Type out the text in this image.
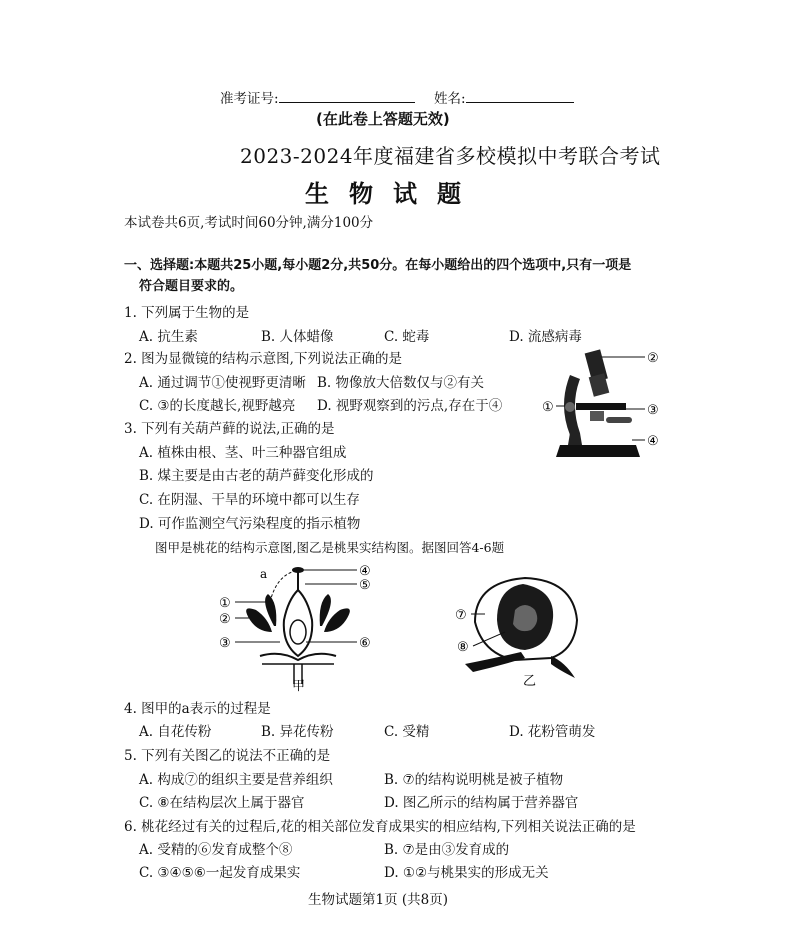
准考证号:	姓名:
(在此卷上答题无效)
2023-2024年度福建省多校模拟中考联合考试
生物试题
本试卷共6页,考试时间60分钟,满分100分
一、选择题:本题共25小题,每小题2分,共50分。在每小题给出的四个选项中,只有一项是
符合题目要求的。
1. 下列属于生物的是
A. 抗生素	B. 人体蜡像	C. 蛇毒	D. 流感病毒
2. 图为显微镜的结构示意图,下列说法正确的是
A. 通过调节①使视野更清晰 B. 物像放大倍数仅与②有关
C. ③的长度越长,视野越亮 D. 视野观察到的污点,存在于④
②
①	③
④
3. 下列有关葫芦藓的说法,正确的是
A. 植株由根、茎、叶三种器官组成
B. 煤主要是由古老的葫芦藓变化形成的
C. 在阴湿、干旱的环境中都可以生存
D. 可作监测空气污染程度的指示植物
图甲是桃花的结构示意图,图乙是桃果实结构图。据图回答4-6题
a
①
②
③
④
⑤
⑥
甲
⑦
⑧
乙
4. 图甲的a表示的过程是
A. 自花传粉	B. 异花传粉	C. 受精	D. 花粉管萌发
5. 下列有关图乙的说法不正确的是
A. 构成⑦的组织主要是营养组织	B. ⑦的结构说明桃是被子植物
C. ⑧在结构层次上属于器官	D. 图乙所示的结构属于营养器官
6. 桃花经过有关的过程后,花的相关部位发育成果实的相应结构,下列相关说法正确的是
A. 受精的⑥发育成整个⑧	B. ⑦是由③发育成的
C. ③④⑤⑥一起发育成果实	D. ①②与桃果实的形成无关
生物试题第1页 (共8页)
